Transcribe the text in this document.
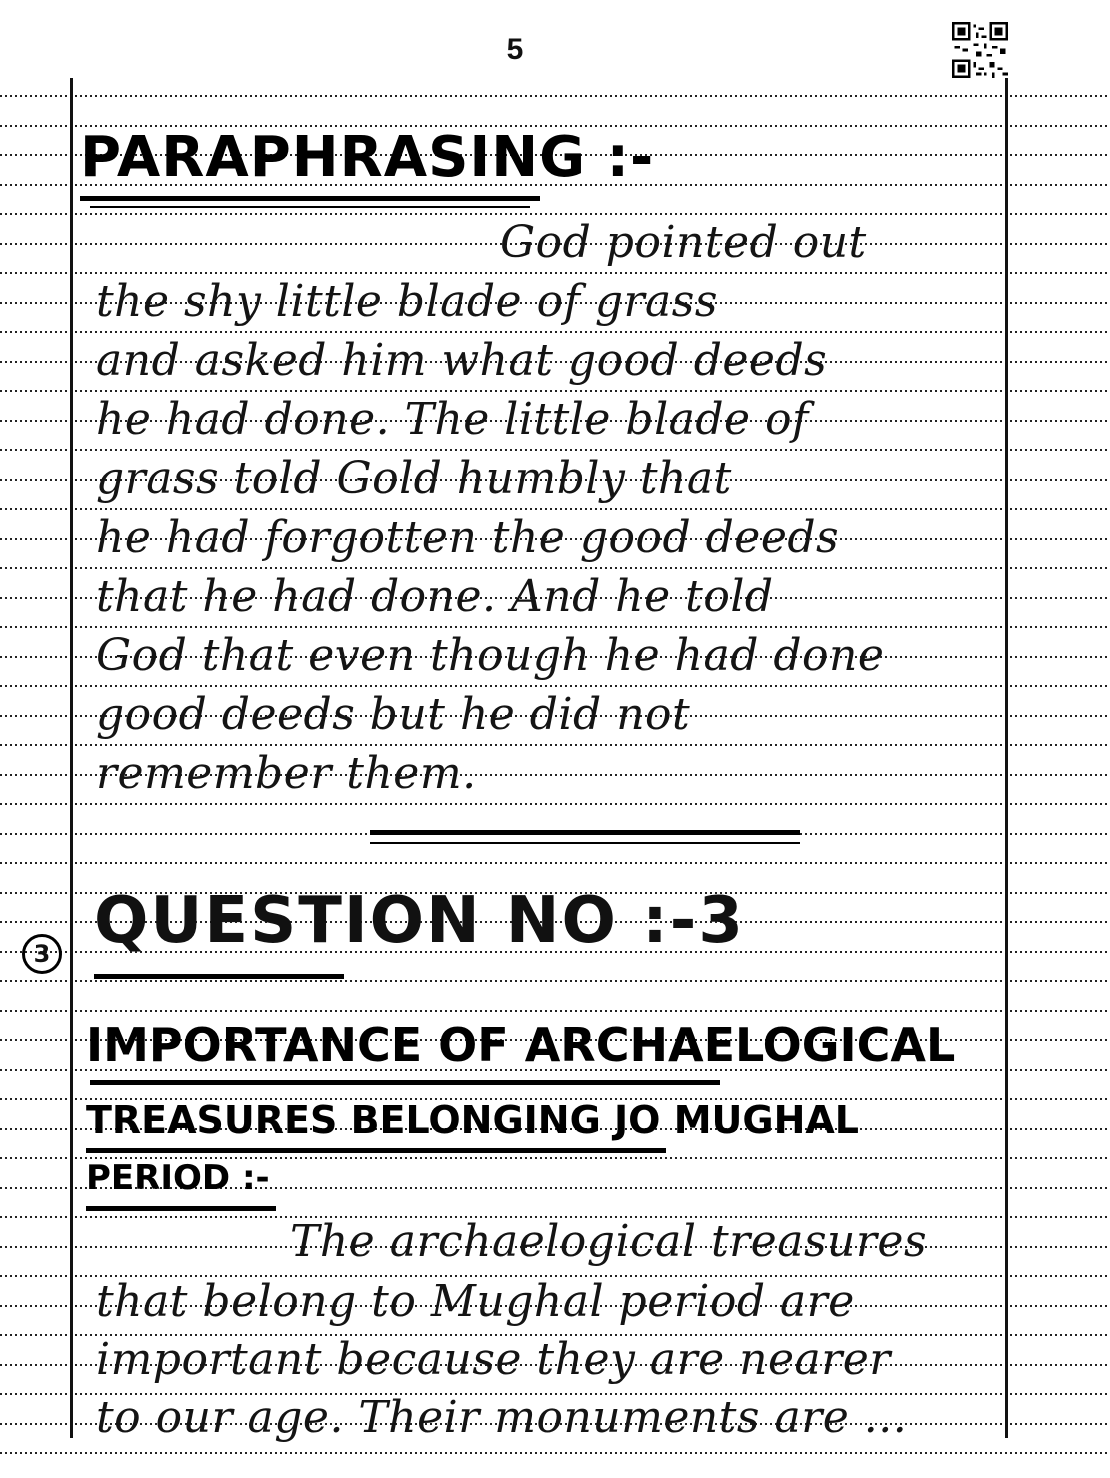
5
PARAPHRASING :-
God pointed out
the shy little blade of grass
and asked him what good deeds
he had done. The little blade of
grass told Gold humbly that
he had forgotten the good deeds
that he had done. And he told
God that even though he had done
good deeds but he did not
remember them.
3 QUESTION NO :-3
IMPORTANCE OF ARCHAELOGICAL
TREASURES BELONGING JO MUGHAL
PERIOD :-
The archaelogical treasures
that belong to Mughal period are
important because they are nearer
to our age. Their monuments are ...
